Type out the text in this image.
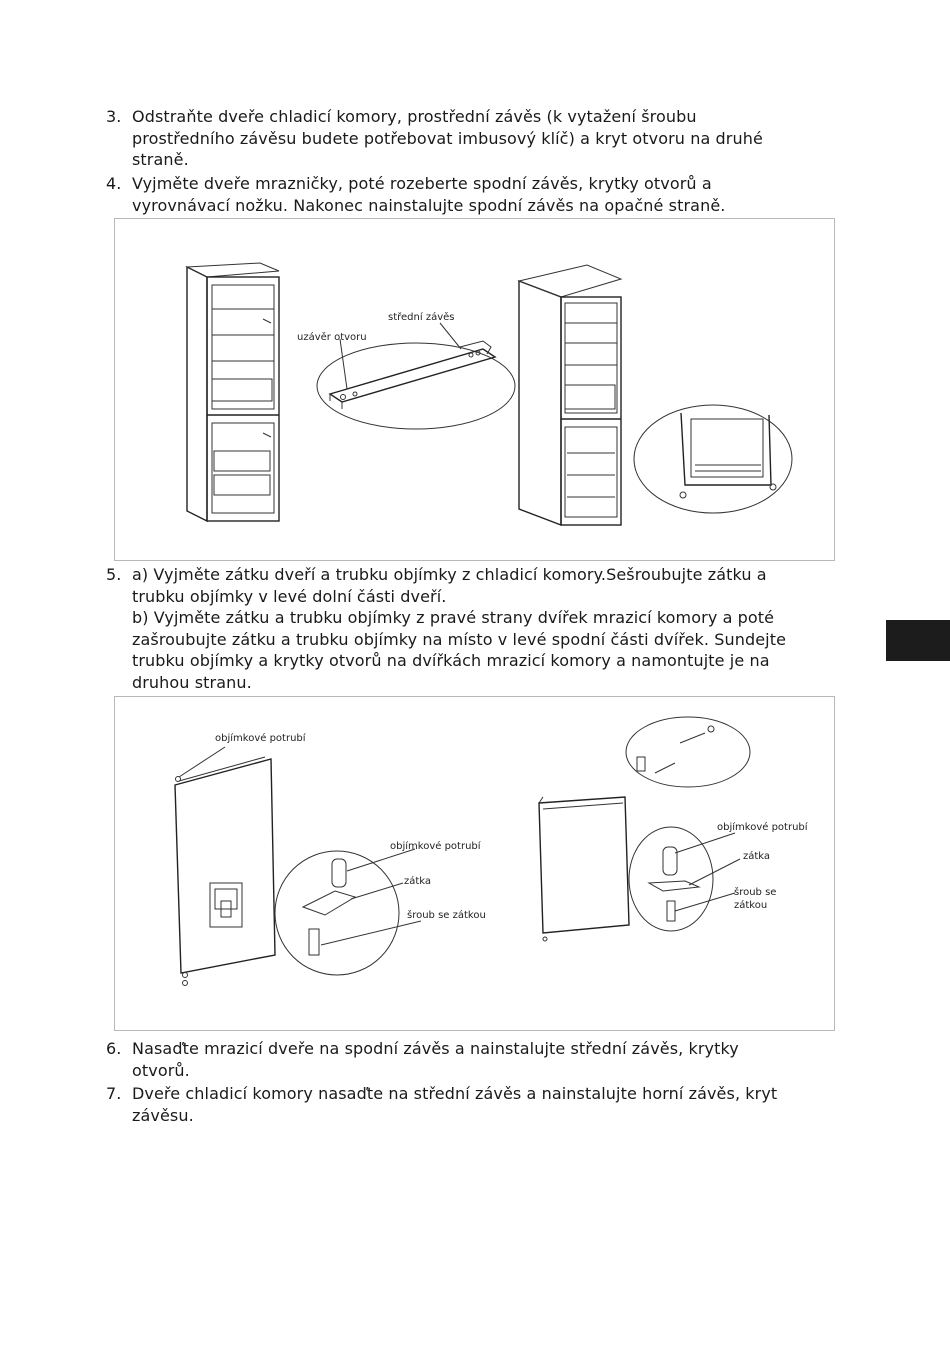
3. Odstraňte dveře chladicí komory, prostřední závěs (k vytažení šroubu
prostředního závěsu budete potřebovat imbusový klíč) a kryt otvoru na druhé
straně.
4. Vyjměte dveře mrazničky, poté rozeberte spodní závěs, krytky otvorů a
vyrovnávací nožku. Nakonec nainstalujte spodní závěs na opačné straně.
střední závěs
uzávěr otvoru
5. a) Vyjměte zátku dveří a trubku objímky z chladicí komory.Sešroubujte zátku a
trubku objímky v levé dolní části dveří.
b) Vyjměte zátku a trubku objímky z pravé strany dvířek mrazicí komory a poté
zašroubujte zátku a trubku objímky na místo v levé spodní části dvířek. Sundejte
trubku objímky a krytky otvorů na dvířkách mrazicí komory a namontujte je na
druhou stranu.
objímkové potrubí
objímkové potrubí
zátka
šroub se zátkou
objímkové potrubí
zátka
šroub se
zátkou
6. Nasaďte mrazicí dveře na spodní závěs a nainstalujte střední závěs, krytky
otvorů.
7. Dveře chladicí komory nasaďte na střední závěs a nainstalujte horní závěs, kryt
závěsu.
